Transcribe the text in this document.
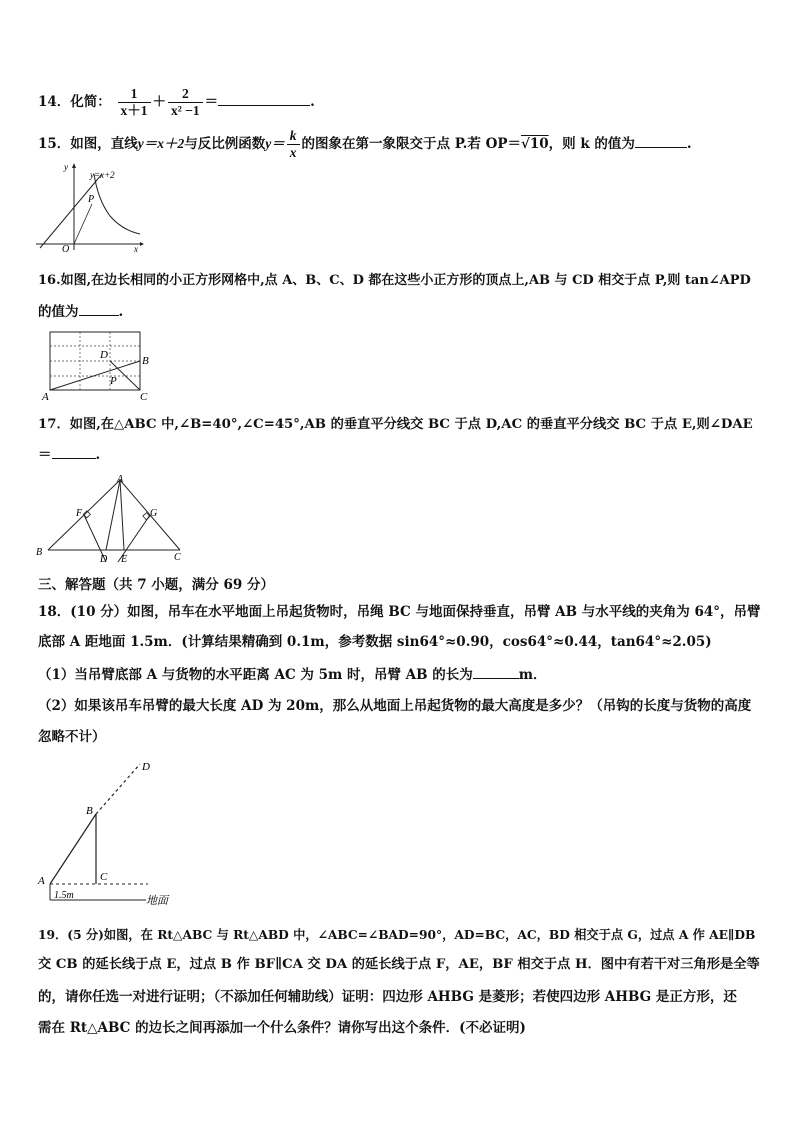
14．化简： $\frac{1}{x+1} + \frac{2}{\text{x² −1}}$ ＝	.
15．如图，直线y＝x＋2与反比例函数$y= \frac{k}{x}$ 的图象在第一象限交于点 P.若 OP＝√10，则 k 的值为	.
y=x+2
P
O	x
y
16.如图,在边长相同的小正方形网格中,点 A、B、C、D 都在这些小正方形的顶点上,AB 与 CD 相交于点 P,则 tan∠APD
的值为	.
A
B
C
D
P
17．如图,在△ABC 中,∠B=40°,∠C=45°,AB 的垂直平分线交 BC 于点 D,AC 的垂直平分线交 BC 于点 E,则∠DAE
＝	.
A
B	C
D E
F	G
三、解答题（共 7 小题，满分 69 分）
18．(10 分）如图，吊车在水平地面上吊起货物时，吊绳 BC 与地面保持垂直，吊臂 AB 与水平线的夹角为 64°，吊臂
底部 A 距地面 1.5m．(计算结果精确到 0.1m，参考数据 sin64°≈0.90，cos64°≈0.44，tan64°≈2.05)
（1）当吊臂底部 A 与货物的水平距离 AC 为 5m 时，吊臂 AB 的长为	m．
（2）如果该吊车吊臂的最大长度 AD 为 20m，那么从地面上吊起货物的最大高度是多少？（吊钩的长度与货物的高度
忽略不计）
A
B
C
D
1.5m	地面
19．(5 分)如图，在 Rt△ABC 与 Rt△ABD 中，∠ABC=∠BAD=90°，AD=BC，AC，BD 相交于点 G，过点 A 作 AE∥DB
交 CB 的延长线于点 E，过点 B 作 BF∥CA 交 DA 的延长线于点 F，AE，BF 相交于点 H．图中有若干对三角形是全等
的，请你任选一对进行证明；（不添加任何辅助线）证明：四边形 AHBG 是菱形；若使四边形 AHBG 是正方形，还
需在 Rt△ABC 的边长之间再添加一个什么条件？请你写出这个条件．(不必证明)
